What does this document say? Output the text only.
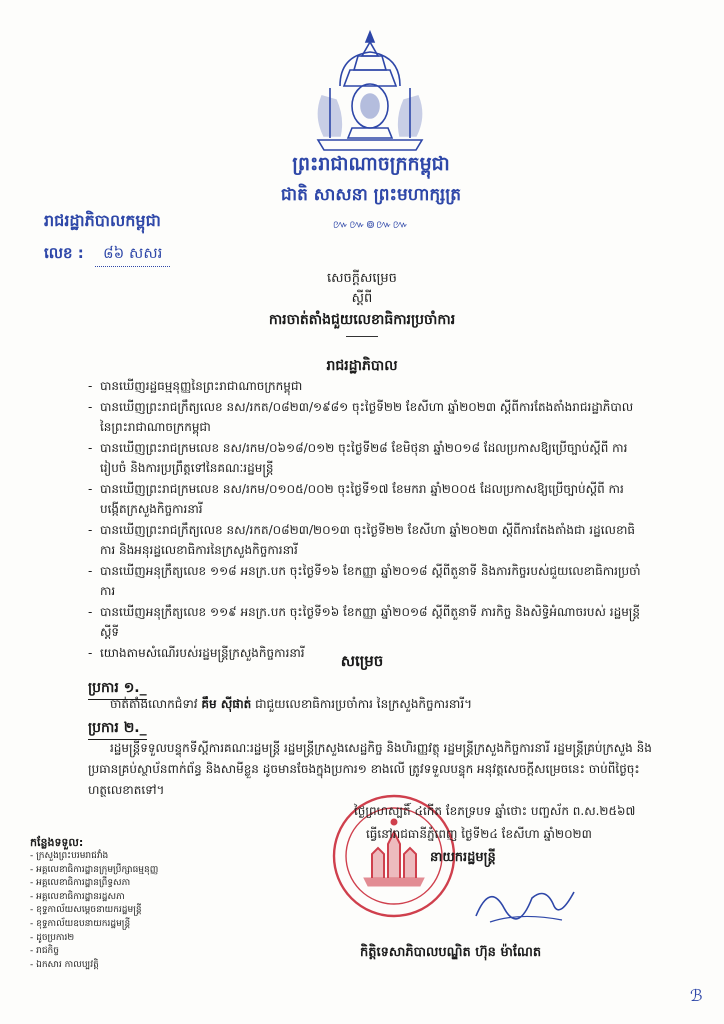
ព្រះរាជាណាចក្រកម្ពុជា
ជាតិ សាសនា ព្រះមហាក្សត្រ
៚៚៙៚៚
រាជរដ្ឋាភិបាលកម្ពុជា
លេខ : ៨៦ សសរ
សេចក្តីសម្រេច
ស្តីពី
ការចាត់តាំងជួយលេខាធិការប្រចាំការ
រាជរដ្ឋាភិបាល
- បានឃើញរដ្ឋធម្មនុញ្ញនៃព្រះរាជាណាចក្រកម្ពុជា
- បានឃើញព្រះរាជក្រឹត្យលេខ នស/រកត/០៨២៣/១៩៨១ ចុះថ្ងៃទី២២ ខែសីហា ឆ្នាំ២០២៣ ស្តីពីការតែងតាំងរាជរដ្ឋាភិបាល នៃព្រះរាជាណាចក្រកម្ពុជា
- បានឃើញព្រះរាជក្រមលេខ នស/រកម/០៦១៨/០១២ ចុះថ្ងៃទី២៨ ខែមិថុនា ឆ្នាំ២០១៨ ដែលប្រកាសឱ្យប្រើច្បាប់ស្តីពី ការរៀបចំ និងការប្រព្រឹត្តទៅនៃគណៈរដ្ឋមន្ត្រី
- បានឃើញព្រះរាជក្រមលេខ នស/រកម/០១០៥/០០២ ចុះថ្ងៃទី១៧ ខែមករា ឆ្នាំ២០០៥ ដែលប្រកាសឱ្យប្រើច្បាប់ស្តីពី ការបង្កើតក្រសួងកិច្ចការនារី
- បានឃើញព្រះរាជក្រឹត្យលេខ នស/រកត/០៨២៣/២០១៣ ចុះថ្ងៃទី២២ ខែសីហា ឆ្នាំ២០២៣ ស្តីពីការតែងតាំងជា រដ្ឋលេខាធិការ និងអនុរដ្ឋលេខាធិការនៃក្រសួងកិច្ចការនារី
- បានឃើញអនុក្រឹត្យលេខ ១១៨ អនក្រ.បក ចុះថ្ងៃទី១៦ ខែកញ្ញា ឆ្នាំ២០១៨ ស្តីពីតួនាទី និងភារកិច្ចរបស់ជួយលេខាធិការប្រចាំការ
- បានឃើញអនុក្រឹត្យលេខ ១១៩ អនក្រ.បក ចុះថ្ងៃទី១៦ ខែកញ្ញា ឆ្នាំ២០១៨ ស្តីពីតួនាទី ភារកិច្ច និងសិទ្ធិអំណាចរបស់ រដ្ឋមន្ត្រីស្តីទី
- យោងតាមសំណើរបស់រដ្ឋមន្ត្រីក្រសួងកិច្ចការនារី	សម្រេច
ប្រការ ១._
ចាត់តាំងលោកជំទាវ គឹម ស៊ីផាត់ ជាជួយលេខាធិការប្រចាំការ នៃក្រសួងកិច្ចការនារី។
ប្រការ ២._
រដ្ឋមន្ត្រីទទួលបន្ទុកទីស្តីការគណៈរដ្ឋមន្ត្រី រដ្ឋមន្ត្រីក្រសួងសេដ្ឋកិច្ច និងហិរញ្ញវត្ថុ រដ្ឋមន្ត្រីក្រសួងកិច្ចការនារី រដ្ឋមន្ត្រីគ្រប់ក្រសួង និងប្រធានគ្រប់ស្ថាប័នពាក់ព័ន្ធ និងសាមីខ្លួន ដូចមានចែងក្នុងប្រការ១ ខាងលើ ត្រូវទទួលបន្ទុក អនុវត្តសេចក្តីសម្រេចនេះ ចាប់ពីថ្ងៃចុះហត្ថលេខាតទៅ។
ថ្ងៃព្រហស្បតិ៍ ៤កើត ខែភទ្របទ ឆ្នាំថោះ បញ្ចស័ក ព.ស.២៥៦៧
ធ្វើនៅរាជធានីភ្នំពេញ ថ្ងៃទី២៤ ខែសីហា ឆ្នាំ២០២៣
នាយករដ្ឋមន្ត្រី
កិត្តិទេសាភិបាលបណ្ឌិត ហ៊ុន ម៉ាណែត
កន្លែងទទួល:
- ក្រសួងព្រះបរមរាជវាំង
- អគ្គលេខាធិការដ្ឋានក្រុមប្រឹក្សាធម្មនុញ្ញ
- អគ្គលេខាធិការដ្ឋានព្រឹទ្ធសភា
- អគ្គលេខាធិការដ្ឋានរដ្ឋសភា
- ខុទ្ទកាល័យសម្តេចនាយករដ្ឋមន្ត្រី
- ខុទ្ទកាល័យឧបនាយករដ្ឋមន្ត្រី
- ដូចប្រការ២
- រាជកិច្ច
- ឯកសារ កាលប្បវត្តិ
ℬ
